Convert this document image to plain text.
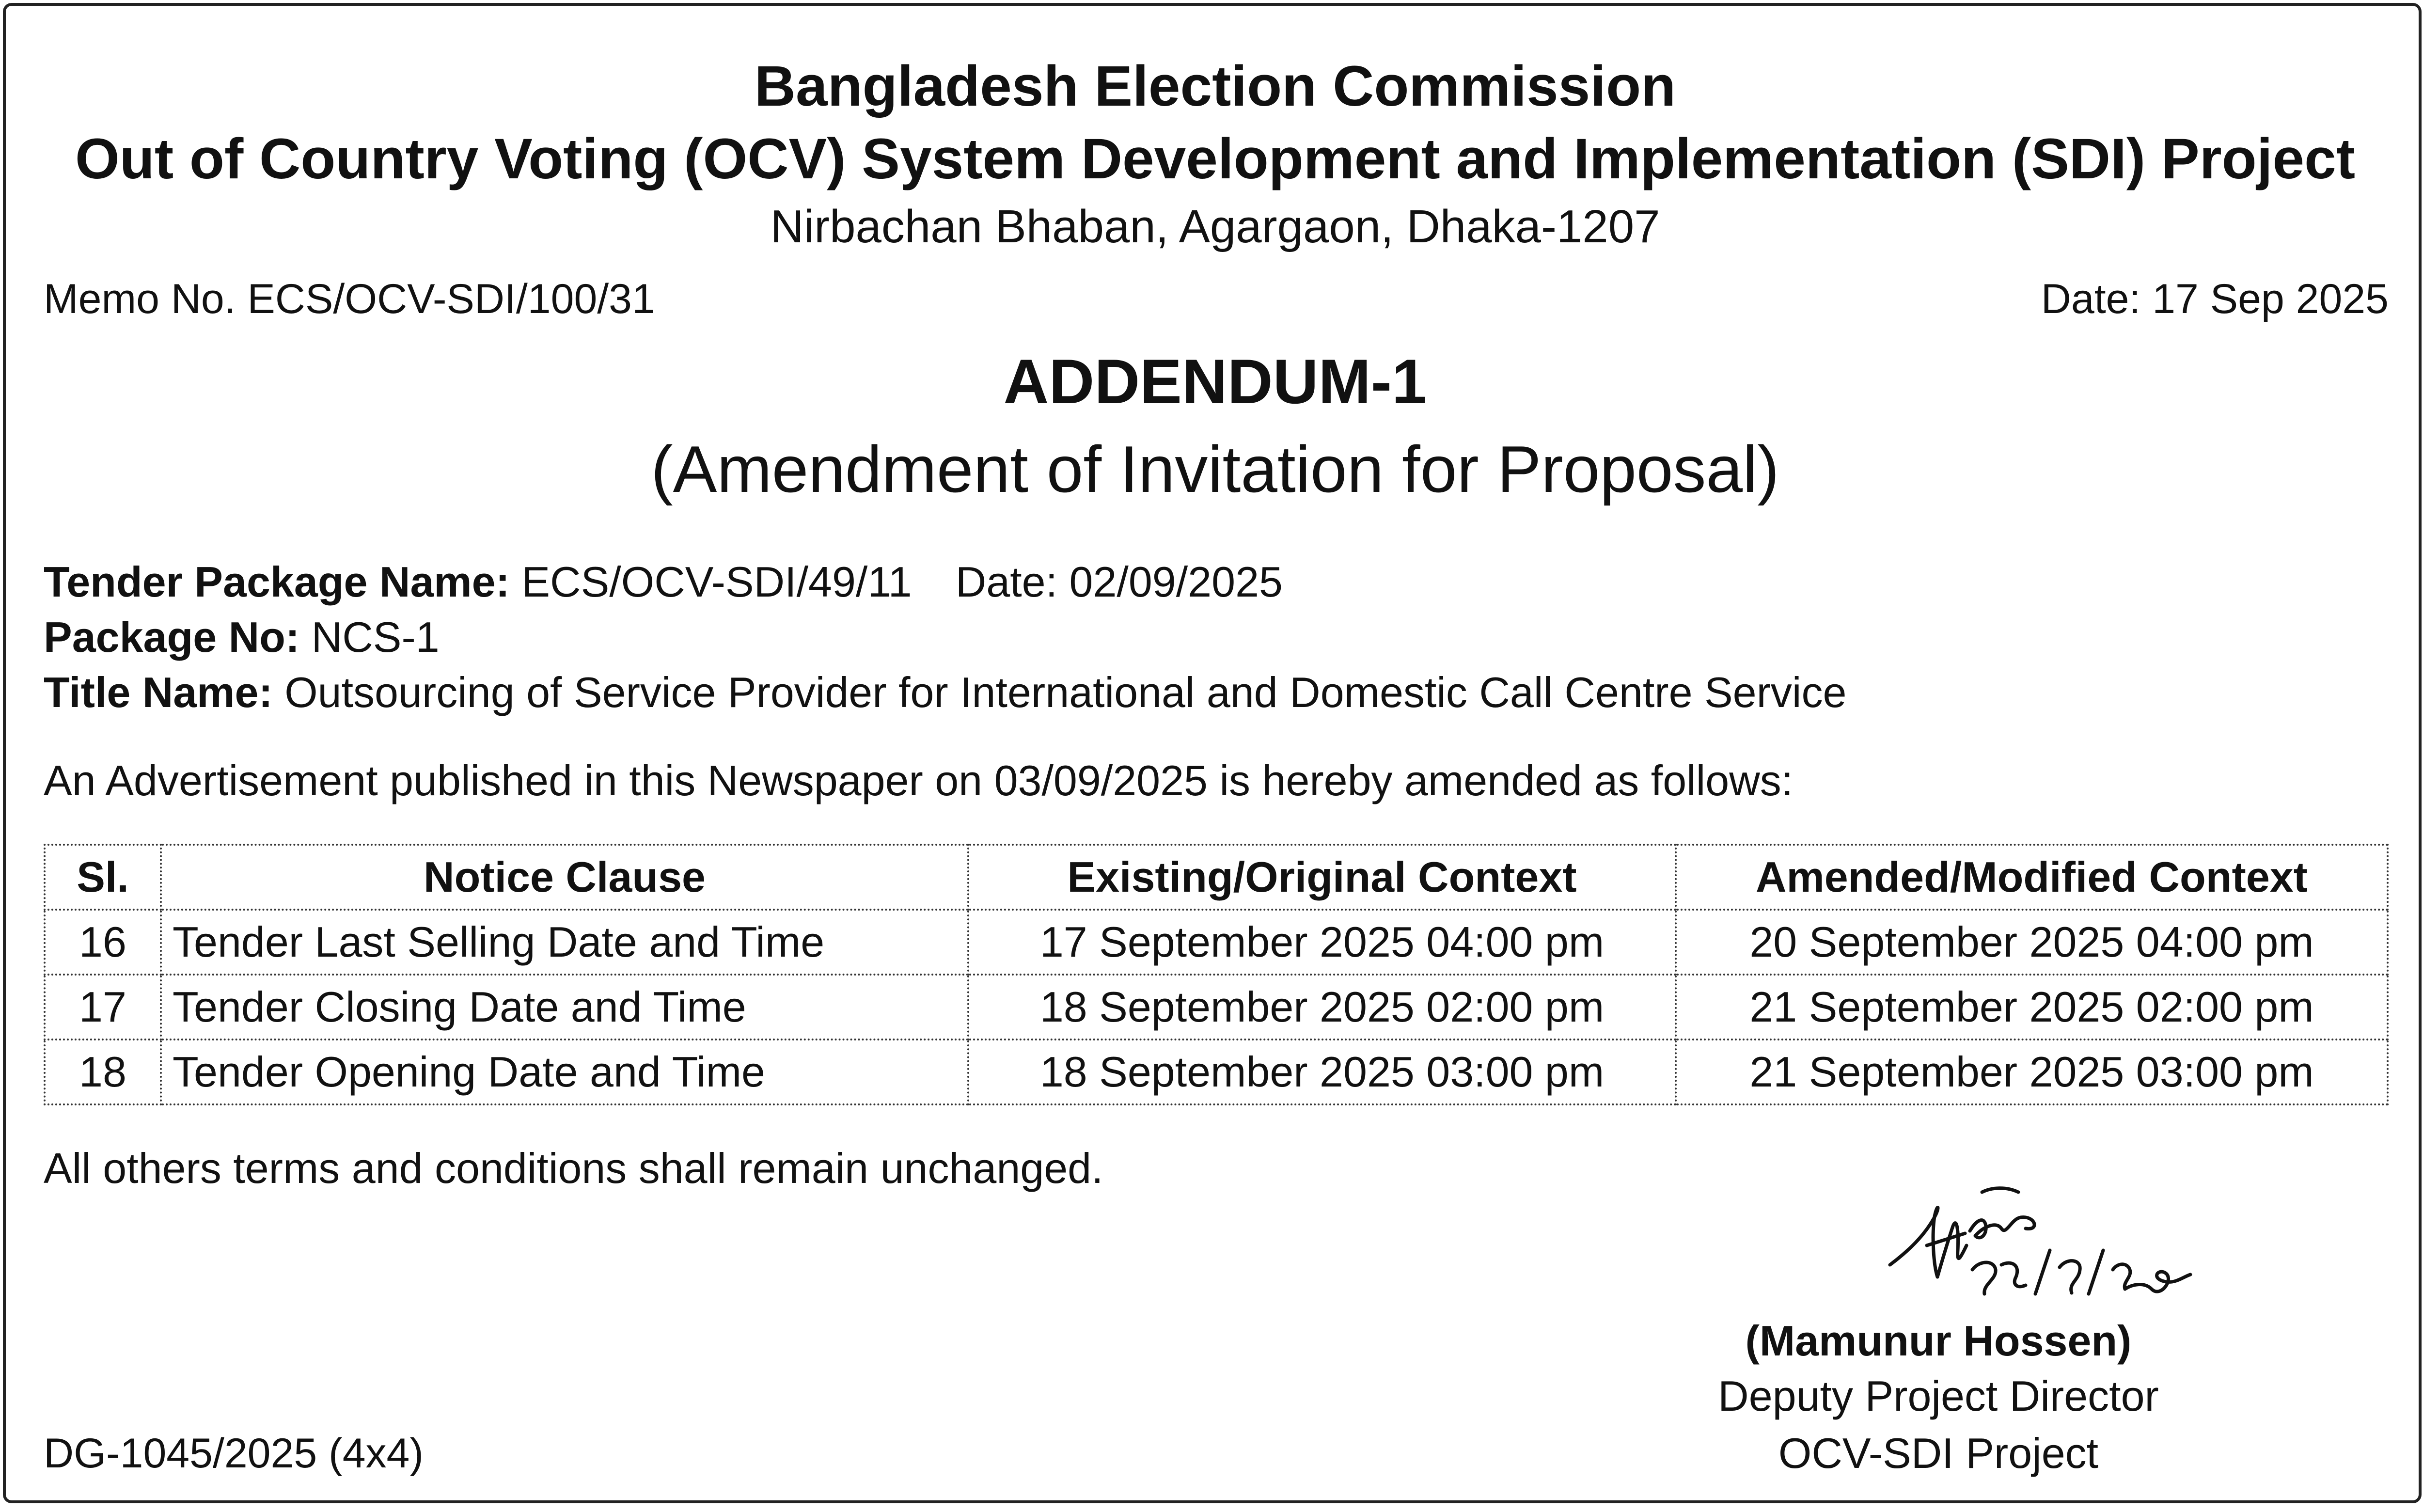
Bangladesh Election Commission
Out of Country Voting (OCV) System Development and Implementation (SDI) Project
Nirbachan Bhaban, Agargaon, Dhaka-1207
Memo No. ECS/OCV-SDI/100/31	Date: 17 Sep 2025
ADDENDUM-1
(Amendment of Invitation for Proposal)
Tender Package Name: ECS/OCV-SDI/49/11 Date: 02/09/2025
Package No: NCS-1
Title Name: Outsourcing of Service Provider for International and Domestic Call Centre Service
An Advertisement published in this Newspaper on 03/09/2025 is hereby amended as follows:
Sl.	Notice Clause	Existing/Original Context	Amended/Modified Context
16	Tender Last Selling Date and Time	17 September 2025 04:00 pm	20 September 2025 04:00 pm
17	Tender Closing Date and Time	18 September 2025 02:00 pm	21 September 2025 02:00 pm
18	Tender Opening Date and Time	18 September 2025 03:00 pm	21 September 2025 03:00 pm
All others terms and conditions shall remain unchanged.
(Mamunur Hossen)
Deputy Project Director
OCV-SDI Project
DG-1045/2025 (4x4)
